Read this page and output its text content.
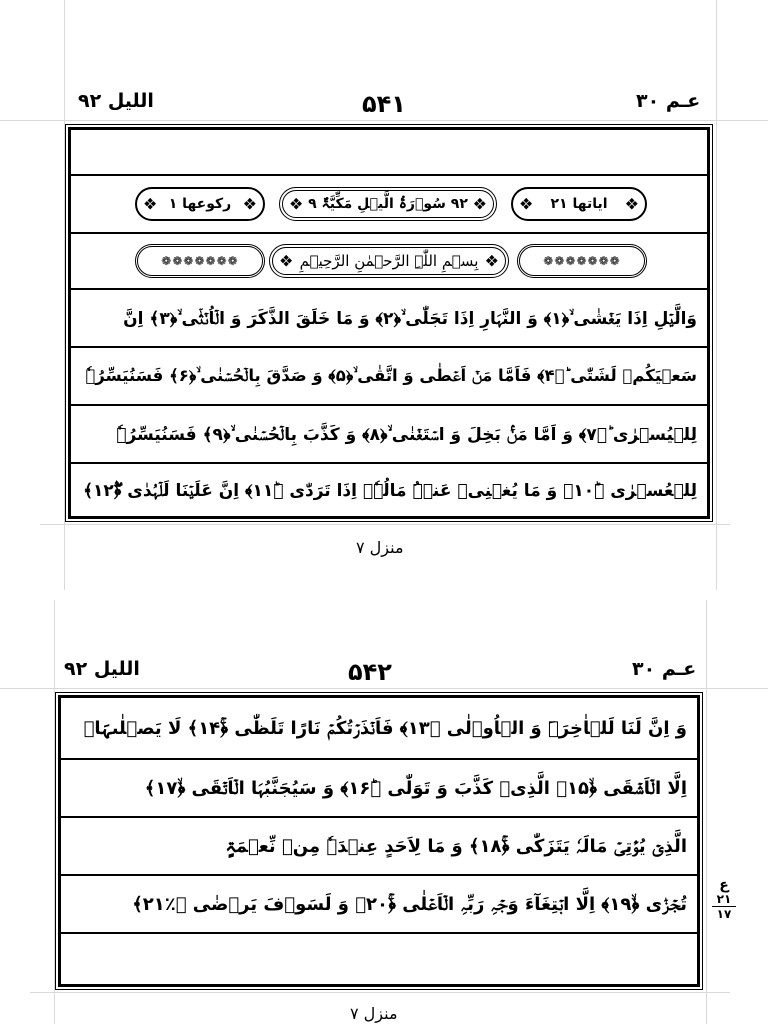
اللیل ۹۲	۵۴۱	عـم ۳۰
❖ رکوعھا ۱
❖	❖ ۹۲ سُوۡرَۃُ الَّیۡلِ مَکِّیَّۃٌ ۹
❖	❖ ایاتھا ۲۱
❖
❁❁❁❁❁❁❁	❖ بِسۡمِ اللّٰہِ الرَّحۡمٰنِ الرَّحِیۡمِ
❖	❁❁❁❁❁❁❁
وَالَّیۡلِ اِذَا یَغۡشٰی ۙ﴿۱﴾ وَ النَّہَارِ اِذَا تَجَلّٰی ۙ﴿۲﴾ وَ مَا خَلَقَ الذَّکَرَ وَ الۡاُنۡثٰۤی ۙ﴿۳﴾ اِنَّ
سَعۡیَکُمۡ لَشَتّٰی ؕ﴿۴﴾ فَاَمَّا مَنۡ اَعۡطٰی وَ اتَّقٰی ۙ﴿۵﴾ وَ صَدَّقَ بِالۡحُسۡنٰی ۙ﴿۶﴾ فَسَنُیَسِّرُہٗ
لِلۡیُسۡرٰی ؕ﴿۷﴾ وَ اَمَّا مَنۡۢ بَخِلَ وَ اسۡتَغۡنٰی ۙ﴿۸﴾ وَ کَذَّبَ بِالۡحُسۡنٰی ۙ﴿۹﴾ فَسَنُیَسِّرُہٗ
لِلۡعُسۡرٰی ﴿ؕ۱۰﴾ وَ مَا یُغۡنِیۡ عَنۡہُ مَالُہٗۤ اِذَا تَرَدّٰی ﴿ؕ۱۱﴾ اِنَّ عَلَیۡنَا لَلۡہُدٰی ﴿۫ۖ۱۲﴾
منزل ۷
اللیل ۹۲	۵۴۲	عـم ۳۰
وَ اِنَّ لَنَا لَلۡاٰخِرَۃَ وَ الۡاُوۡلٰی ﴿۱۳﴾ فَاَنۡذَرۡتُکُمۡ نَارًا تَلَظّٰی ﴿ۚ۱۴﴾ لَا یَصۡلٰىہَاۤ
اِلَّا الۡاَشۡقَی ﴿ۙ۱۵﴾ الَّذِیۡ کَذَّبَ وَ تَوَلّٰی ﴿ؕ۱۶﴾ وَ سَیُجَنَّبُہَا الۡاَتۡقَی ﴿ۙ۱۷﴾
الَّذِیۡ یُؤۡتِیۡ مَالَہٗ یَتَزَکّٰی ﴿ۚ۱۸﴾ وَ مَا لِاَحَدٍ عِنۡدَہٗ مِنۡ نِّعۡمَۃٍ
تُجۡزٰۤی ﴿ۙ۱۹﴾ اِلَّا ابۡتِغَآءَ وَجۡہِ رَبِّہِ الۡاَعۡلٰی ﴿ۚ۲۰﴾ وَ لَسَوۡفَ یَرۡضٰی ﴿٪۲۱﴾
ع
۲۱
۱۷
منزل ۷
